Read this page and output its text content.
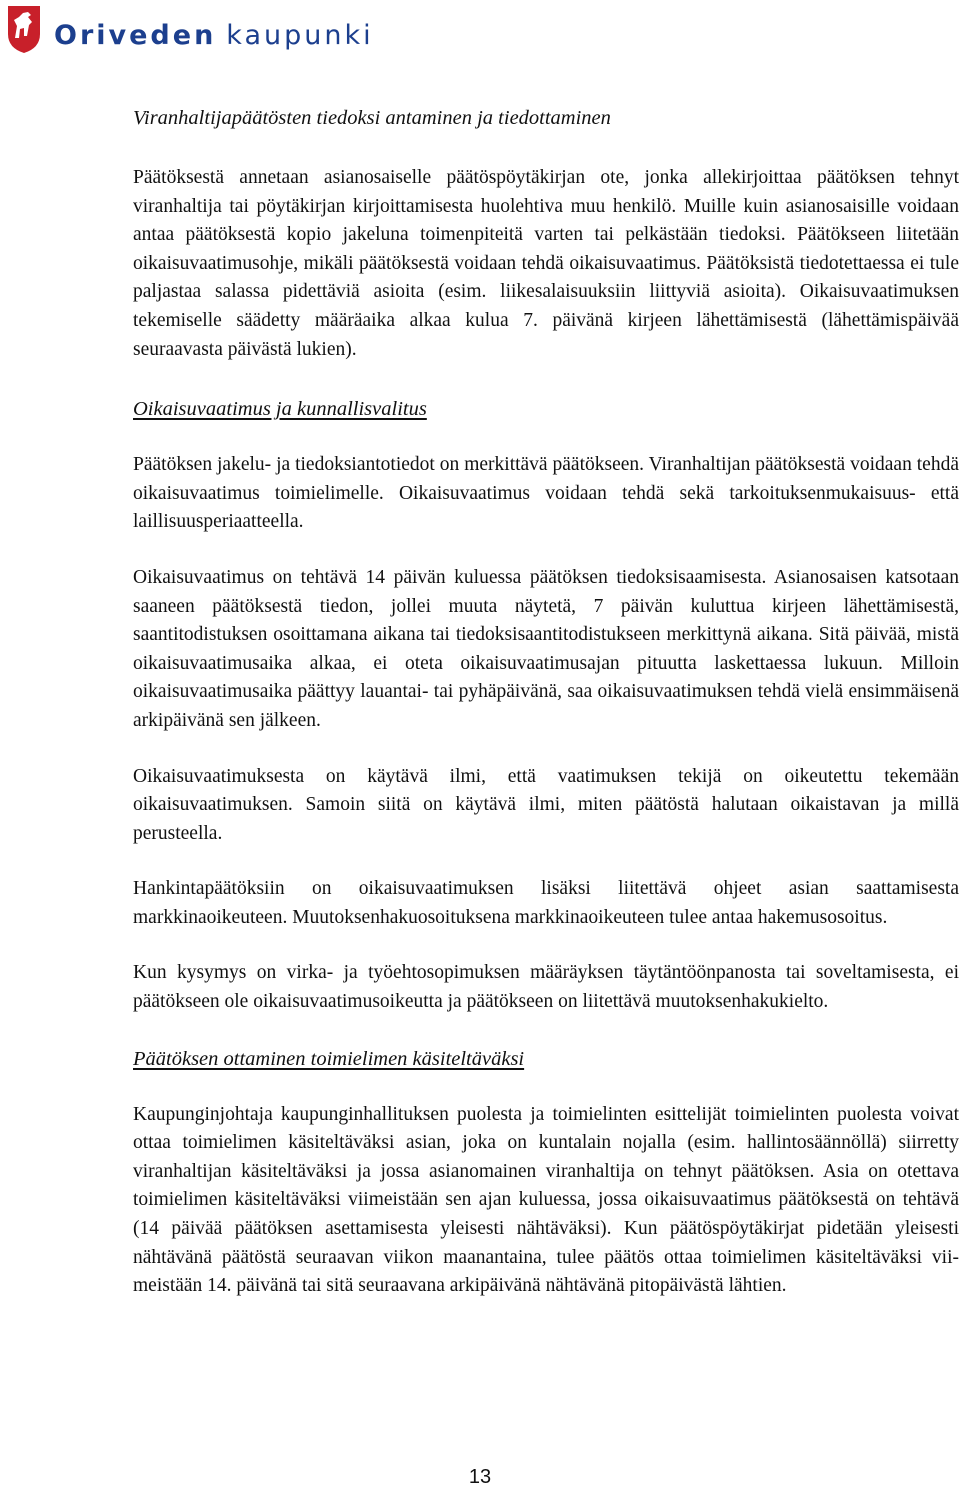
Oriveden kaupunki
Viranhaltijapäätösten tiedoksi antaminen ja tiedottaminen

Päätöksestä annetaan asianosaiselle päätöspöytäkirjan ote, jonka allekirjoittaa päätöksen tehnyt viranhaltija tai pöytäkirjan kirjoittamisesta huolehtiva muu henkilö. Muille kuin asianosaisille voidaan antaa päätöksestä kopio jakeluna toimenpiteitä varten tai pelkästään tiedoksi. Päätökseen liitetään oikaisuvaatimusohje, mikäli päätöksestä voidaan tehdä oikaisuvaatimus. Päätöksistä tiedotettaessa ei tule paljastaa salassa pidettäviä asioita (esim. liikesalaisuuksiin liittyviä asioita). Oikaisuvaatimuksen tekemiselle säädetty määräaika alkaa kulua 7. päivänä kirjeen lähettämisestä (lähettämispäivää seuraavasta päivästä lukien).

Oikaisuvaatimus ja kunnallisvalitus

Päätöksen jakelu- ja tiedoksiantotiedot on merkittävä päätökseen. Viranhaltijan päätöksestä voidaan tehdä oikaisuvaatimus toimielimelle. Oikaisuvaatimus voidaan tehdä sekä tarkoituksenmukaisuus- että laillisuusperiaatteella.

Oikaisuvaatimus on tehtävä 14 päivän kuluessa päätöksen tiedoksisaamisesta. Asianosaisen katsotaan saaneen päätöksestä tiedon, jollei muuta näytetä, 7 päivän kuluttua kirjeen lähettämisestä, saantitodistuksen osoittamana aikana tai tiedoksisaantitodistukseen merkittynä aikana. Sitä päivää, mistä oikaisuvaatimusaika alkaa, ei oteta oikaisuvaatimusajan pituutta laskettaessa lukuun. Milloin oikaisuvaatimusaika päättyy lauantai- tai pyhäpäivänä, saa oikaisuvaatimuksen tehdä vielä ensimmäisenä arkipäivänä sen jälkeen.

Oikaisuvaatimuksesta on käytävä ilmi, että vaatimuksen tekijä on oikeutettu tekemään oikaisuvaatimuksen. Samoin siitä on käytävä ilmi, miten päätöstä halutaan oikaistavan ja millä perusteella.

Hankintapäätöksiin on oikaisuvaatimuksen lisäksi liitettävä ohjeet asian saattamisesta markkinaoikeuteen. Muutoksenhakuosoituksena markkinaoikeuteen tulee antaa hakemusosoitus.

Kun kysymys on virka- ja työehtosopimuksen määräyksen täytäntöönpanosta tai soveltamisesta, ei päätökseen ole oikaisuvaatimusoikeutta ja päätökseen on liitettävä muutoksenhakukielto.

Päätöksen ottaminen toimielimen käsiteltäväksi

Kaupunginjohtaja kaupunginhallituksen puolesta ja toimielinten esittelijät toimielinten puolesta voivat ottaa toimielimen käsiteltäväksi asian, joka on kuntalain nojalla (esim. hallintosäännöllä) siirretty viranhaltijan käsiteltäväksi ja jossa asianomainen viranhaltija on tehnyt päätöksen. Asia on otettava toimielimen käsiteltäväksi viimeistään sen ajan kuluessa, jossa oikaisuvaatimus päätöksestä on tehtävä (14 päivää päätöksen asettamisesta yleisesti nähtäväksi). Kun päätöspöytäkirjat pidetään yleisesti nähtävänä päätöstä seuraavan viikon maanantaina, tulee päätös ottaa toimielimen käsiteltäväksi viimeistään 14. päivänä tai sitä seuraavana arkipäivänä nähtävänä pitopäivästä lähtien.

13
